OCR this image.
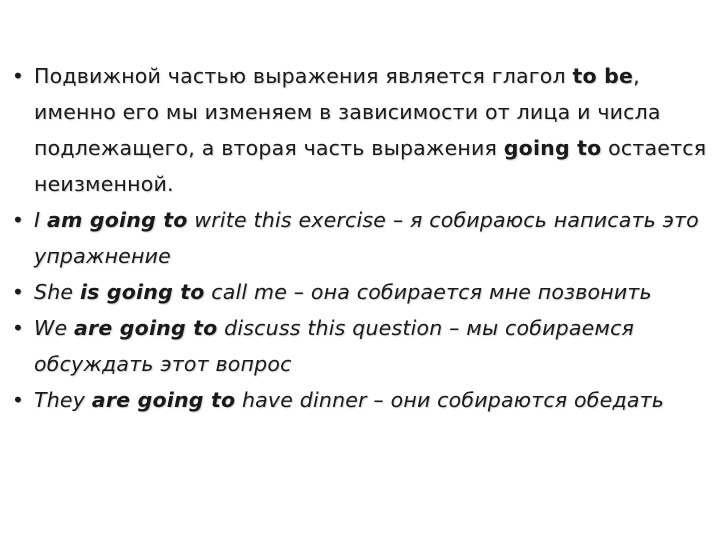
• Подвижной частью выражения является глагол to be, именно его мы изменяем в зависимости от лица и числа подлежащего, а вторая часть выражения going to остается неизменной.
• I am going to write this exercise – я собираюсь написать это упражнение
• She is going to call me – она собирается мне позвонить
• We are going to discuss this question – мы собираемся обсуждать этот вопрос
• They are going to have dinner – они собираются обедать
